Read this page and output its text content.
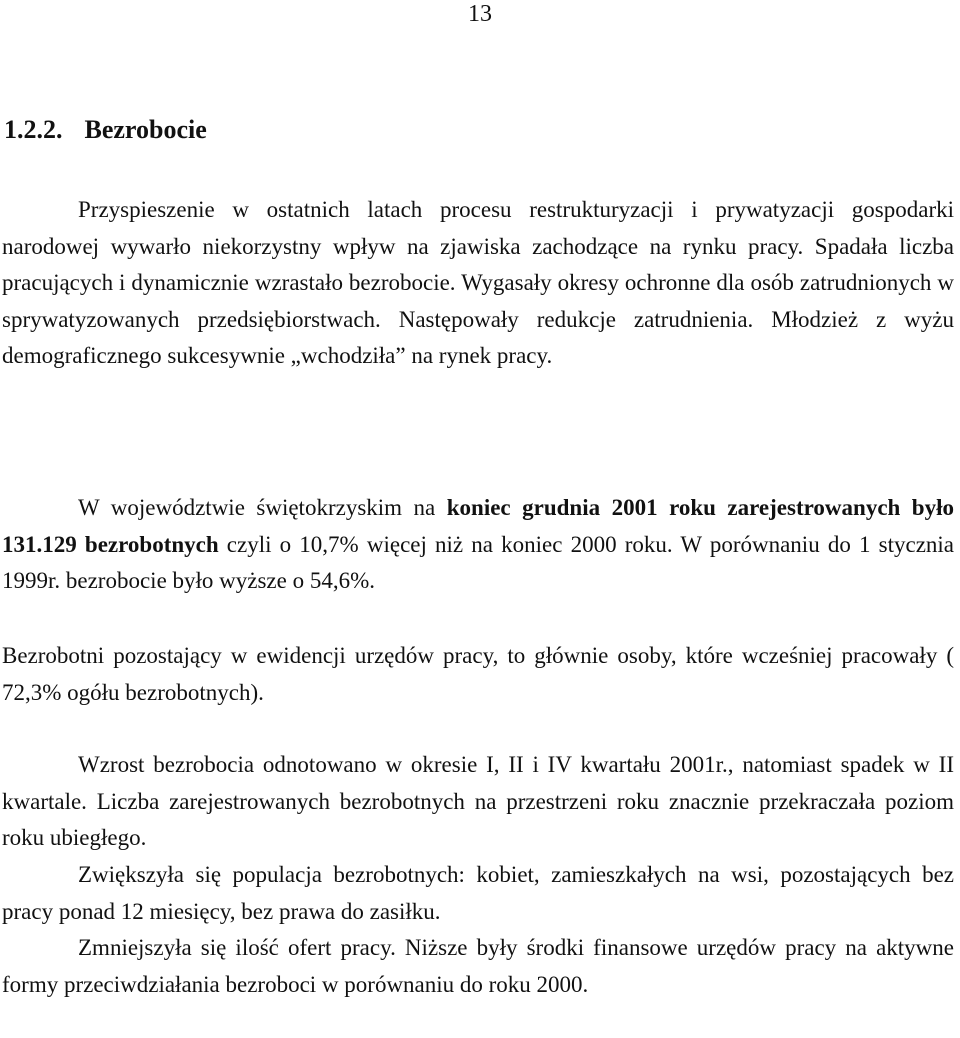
13
1.2.2. Bezrobocie

Przyspieszenie w ostatnich latach procesu restrukturyzacji i prywatyzacji gospodarki narodowej wywarło niekorzystny wpływ na zjawiska zachodzące na rynku pracy. Spadała liczba pracujących i dynamicznie wzrastało bezrobocie. Wygasały okresy ochronne dla osób zatrudnionych w sprywatyzowanych przedsiębiorstwach. Następowały redukcje zatrudnienia. Młodzież z wyżu demograficznego sukcesywnie „wchodziła” na rynek pracy.

W województwie świętokrzyskim na koniec grudnia 2001 roku zarejestrowanych było 131.129 bezrobotnych czyli o 10,7% więcej niż na koniec 2000 roku. W porównaniu do 1 stycznia 1999r. bezrobocie było wyższe o 54,6%.

Bezrobotni pozostający w ewidencji urzędów pracy, to głównie osoby, które wcześniej pracowały ( 72,3% ogółu bezrobotnych).

Wzrost bezrobocia odnotowano w okresie I, II i IV kwartału 2001r., natomiast spadek w II kwartale. Liczba zarejestrowanych bezrobotnych na przestrzeni roku znacznie przekraczała poziom roku ubiegłego.

Zwiększyła się populacja bezrobotnych: kobiet, zamieszkałych na wsi, pozostających bez pracy ponad 12 miesięcy, bez prawa do zasiłku.

Zmniejszyła się ilość ofert pracy. Niższe były środki finansowe urzędów pracy na aktywne formy przeciwdziałania bezroboci w porównaniu do roku 2000.
